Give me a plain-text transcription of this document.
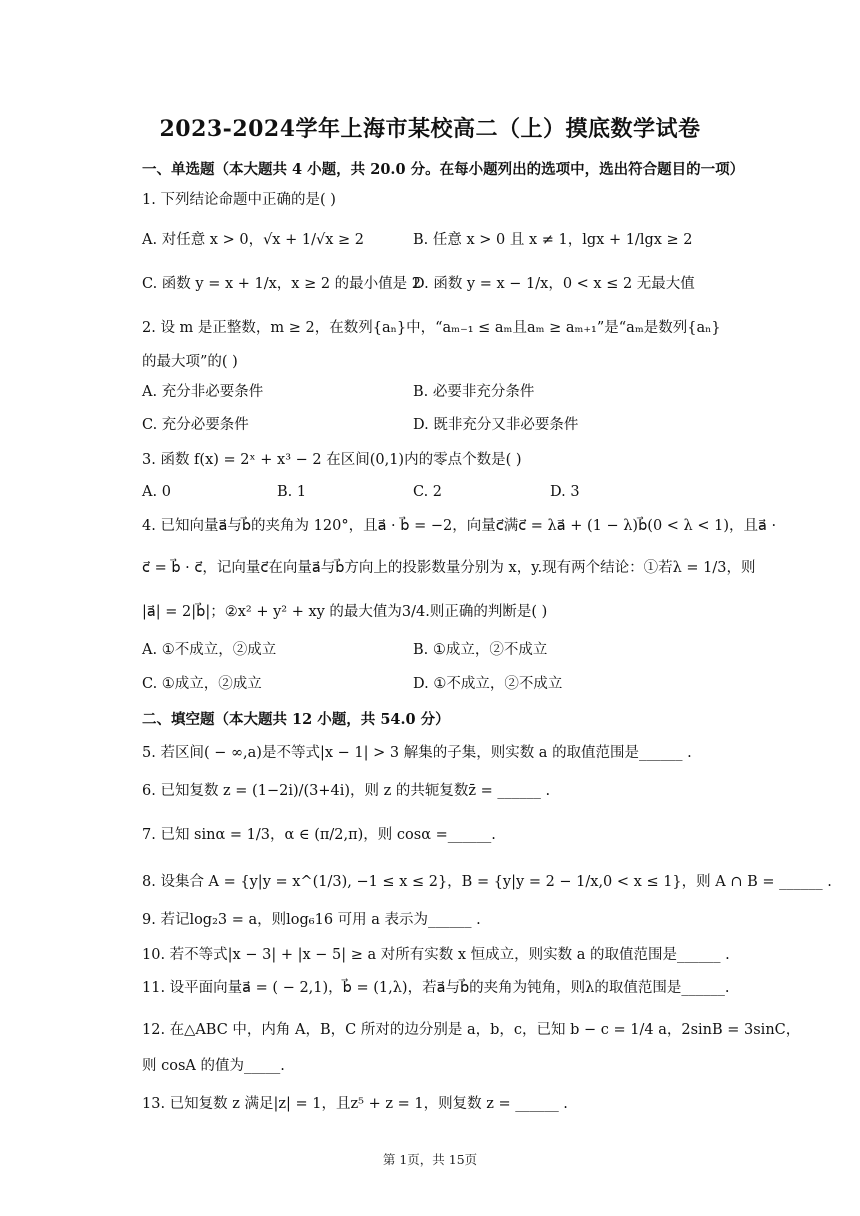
2023-2024学年上海市某校高二（上）摸底数学试卷
一、单选题（本大题共 4 小题，共 20.0 分。在每小题列出的选项中，选出符合题目的一项）
1. 下列结论命题中正确的是( )
A. 对任意 x > 0，√x + 1/√x ≥ 2	B. 任意 x > 0 且 x ≠ 1，lgx + 1/lgx ≥ 2
C. 函数 y = x + 1/x，x ≥ 2 的最小值是 2
D. 函数 y = x − 1/x，0 < x ≤ 2 无最大值
2. 设 m 是正整数，m ≥ 2，在数列{aₙ}中，“aₘ₋₁ ≤ aₘ且aₘ ≥ aₘ₊₁”是“aₘ是数列{aₙ}
的最大项”的( )
A. 充分非必要条件	B. 必要非充分条件
C. 充分必要条件	D. 既非充分又非必要条件
3. 函数 f(x) = 2ˣ + x³ − 2 在区间(0,1)内的零点个数是( )
A. 0	B. 1	C. 2	D. 3
4. 已知向量a⃗与b⃗的夹角为 120°，且a⃗ · b⃗ = −2，向量c⃗满c⃗ = λa⃗ + (1 − λ)b⃗(0 < λ < 1)，且a⃗ ·
c⃗ = b⃗ · c⃗，记向量c⃗在向量a⃗与b⃗方向上的投影数量分别为 x，y.现有两个结论：①若λ = 1/3，则
|a⃗| = 2|b⃗|；②x² + y² + xy 的最大值为3/4.则正确的判断是( )
A. ①不成立，②成立	B. ①成立，②不成立
C. ①成立，②成立	D. ①不成立，②不成立
二、填空题（本大题共 12 小题，共 54.0 分）
5. 若区间( − ∞,a)是不等式|x − 1| > 3 解集的子集，则实数 a 的取值范围是______ .
6. 已知复数 z = (1−2i)/(3+4i)，则 z 的共轭复数z̄ = ______ .
7. 已知 sinα = 1/3，α ∈ (π/2,π)，则 cosα =______.
8. 设集合 A = {y|y = x^(1/3), −1 ≤ x ≤ 2}，B = {y|y = 2 − 1/x,0 < x ≤ 1}，则 A ∩ B = ______ .
9. 若记log₂3 = a，则log₆16 可用 a 表示为______ .
10. 若不等式|x − 3| + |x − 5| ≥ a 对所有实数 x 恒成立，则实数 a 的取值范围是______ .
11. 设平面向量a⃗ = ( − 2,1)，b⃗ = (1,λ)，若a⃗与b⃗的夹角为钝角，则λ的取值范围是______.
12. 在△ABC 中，内角 A，B，C 所对的边分别是 a，b，c，已知 b − c = 1/4 a，2sinB = 3sinC，
则 cosA 的值为_____.
13. 已知复数 z 满足|z| = 1，且z⁵ + z = 1，则复数 z = ______ .
第 1页，共 15页
